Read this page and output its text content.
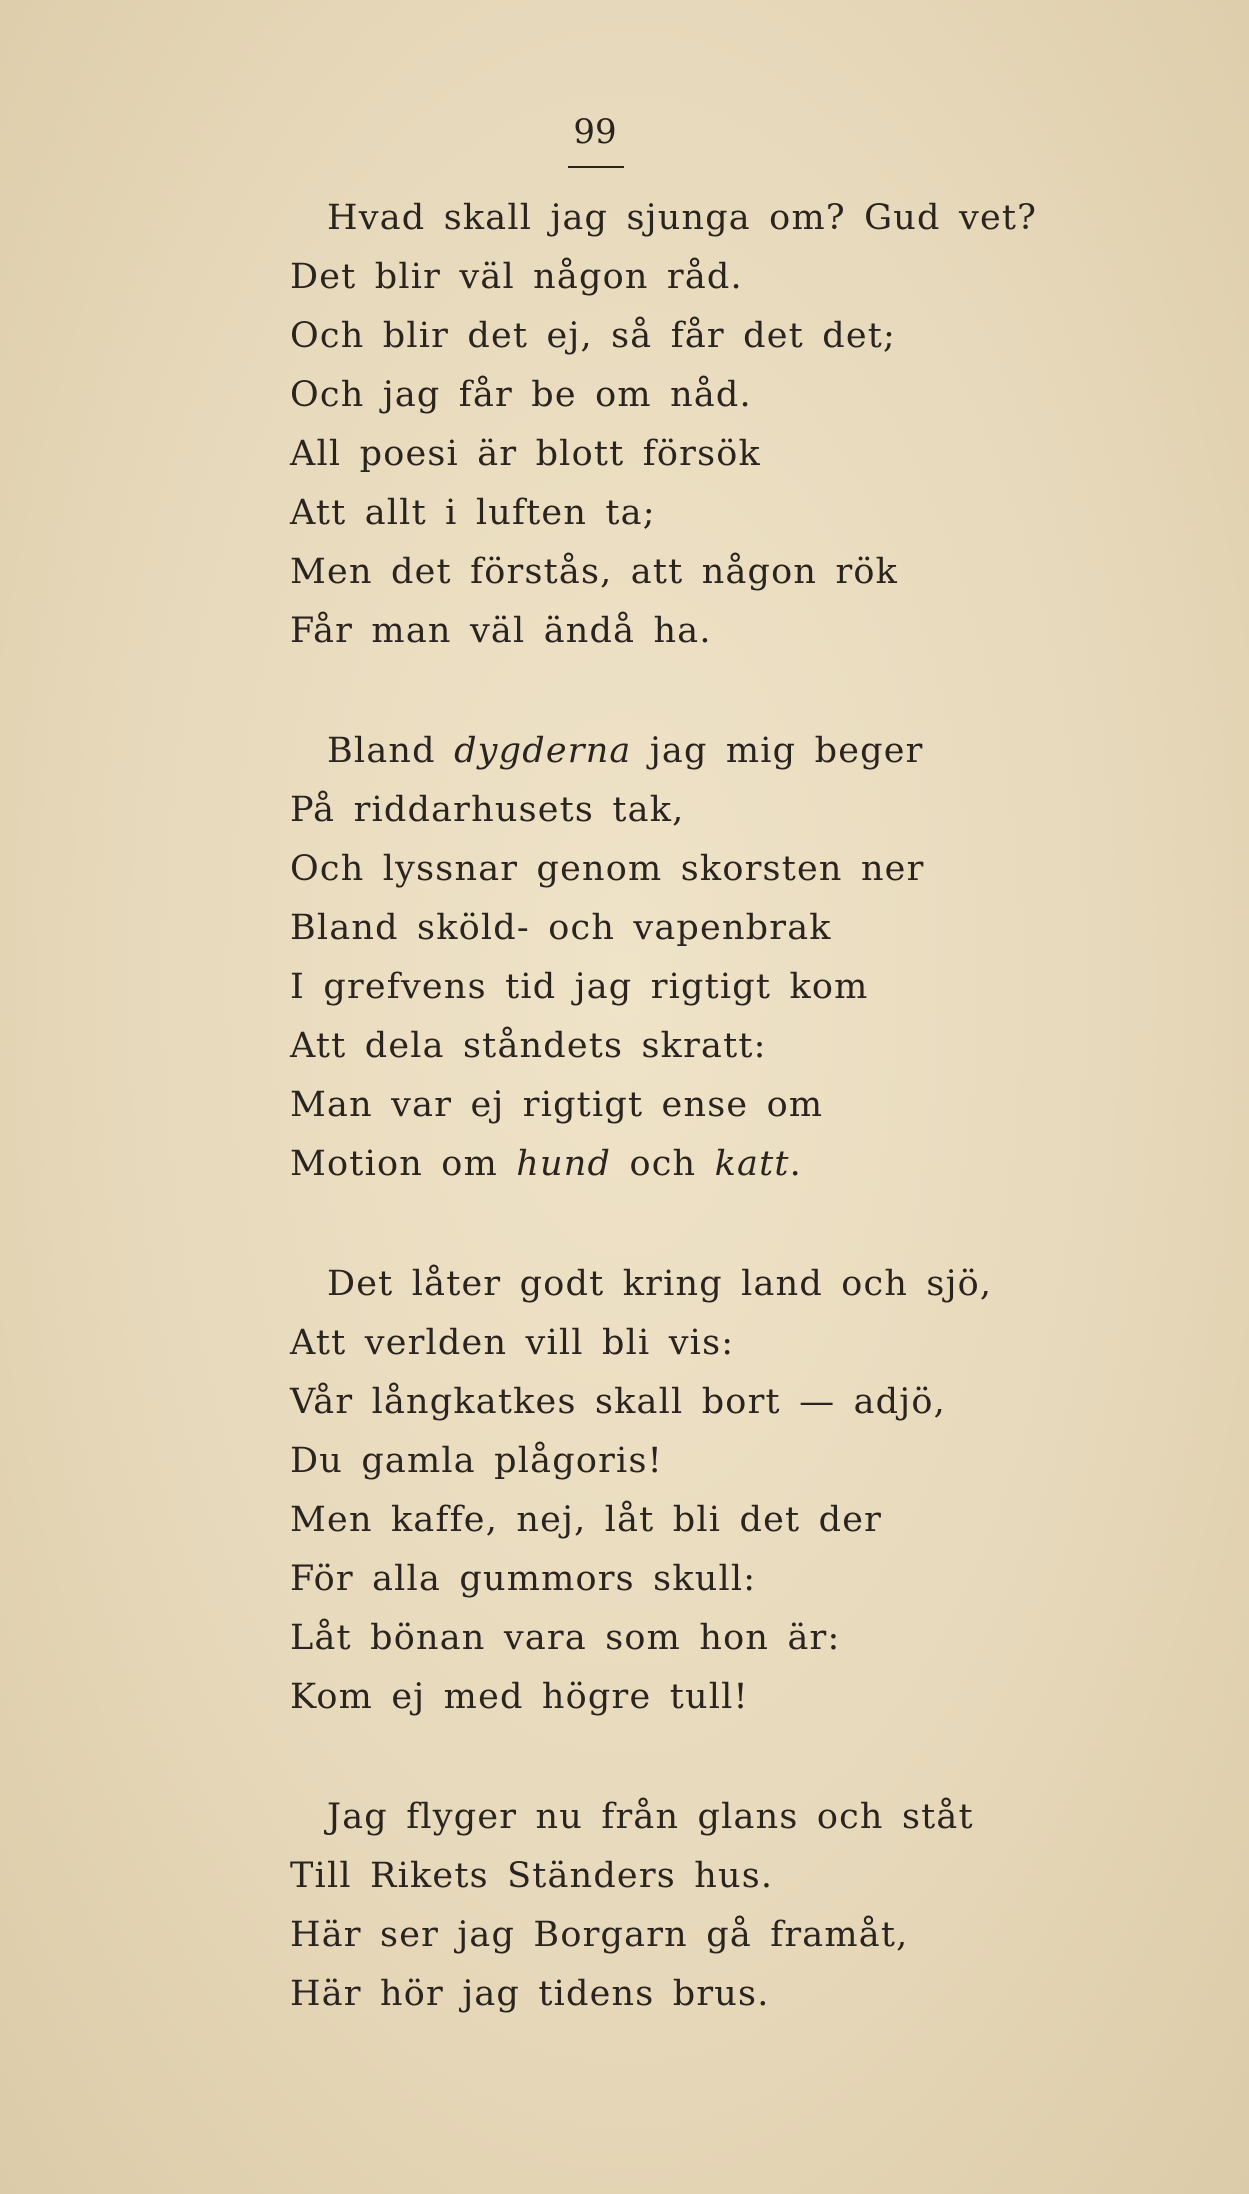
99
Hvad skall jag sjunga om? Gud vet?
Det blir väl någon råd.
Och blir det ej, så får det det;
Och jag får be om nåd.
All poesi är blott försök
Att allt i luften ta;
Men det förstås, att någon rök
Får man väl ändå ha.
Bland dygderna jag mig beger
På riddarhusets tak,
Och lyssnar genom skorsten ner
Bland sköld- och vapenbrak
I grefvens tid jag rigtigt kom
Att dela ståndets skratt:
Man var ej rigtigt ense om
Motion om hund och katt.
Det låter godt kring land och sjö,
Att verlden vill bli vis:
Vår långkatkes skall bort — adjö,
Du gamla plågoris!
Men kaffe, nej, låt bli det der
För alla gummors skull:
Låt bönan vara som hon är:
Kom ej med högre tull!
Jag flyger nu från glans och ståt
Till Rikets Ständers hus.
Här ser jag Borgarn gå framåt,
Här hör jag tidens brus.
